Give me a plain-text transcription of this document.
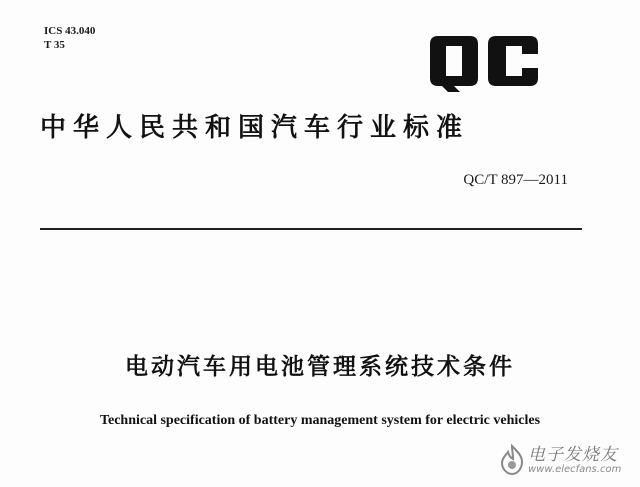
ICS 43.040
T 35
中华人民共和国汽车行业标准
QC/T 897—2011
电动汽车用电池管理系统技术条件
Technical specification of battery management system for electric vehicles
电子发烧友
www.elecfans.com
